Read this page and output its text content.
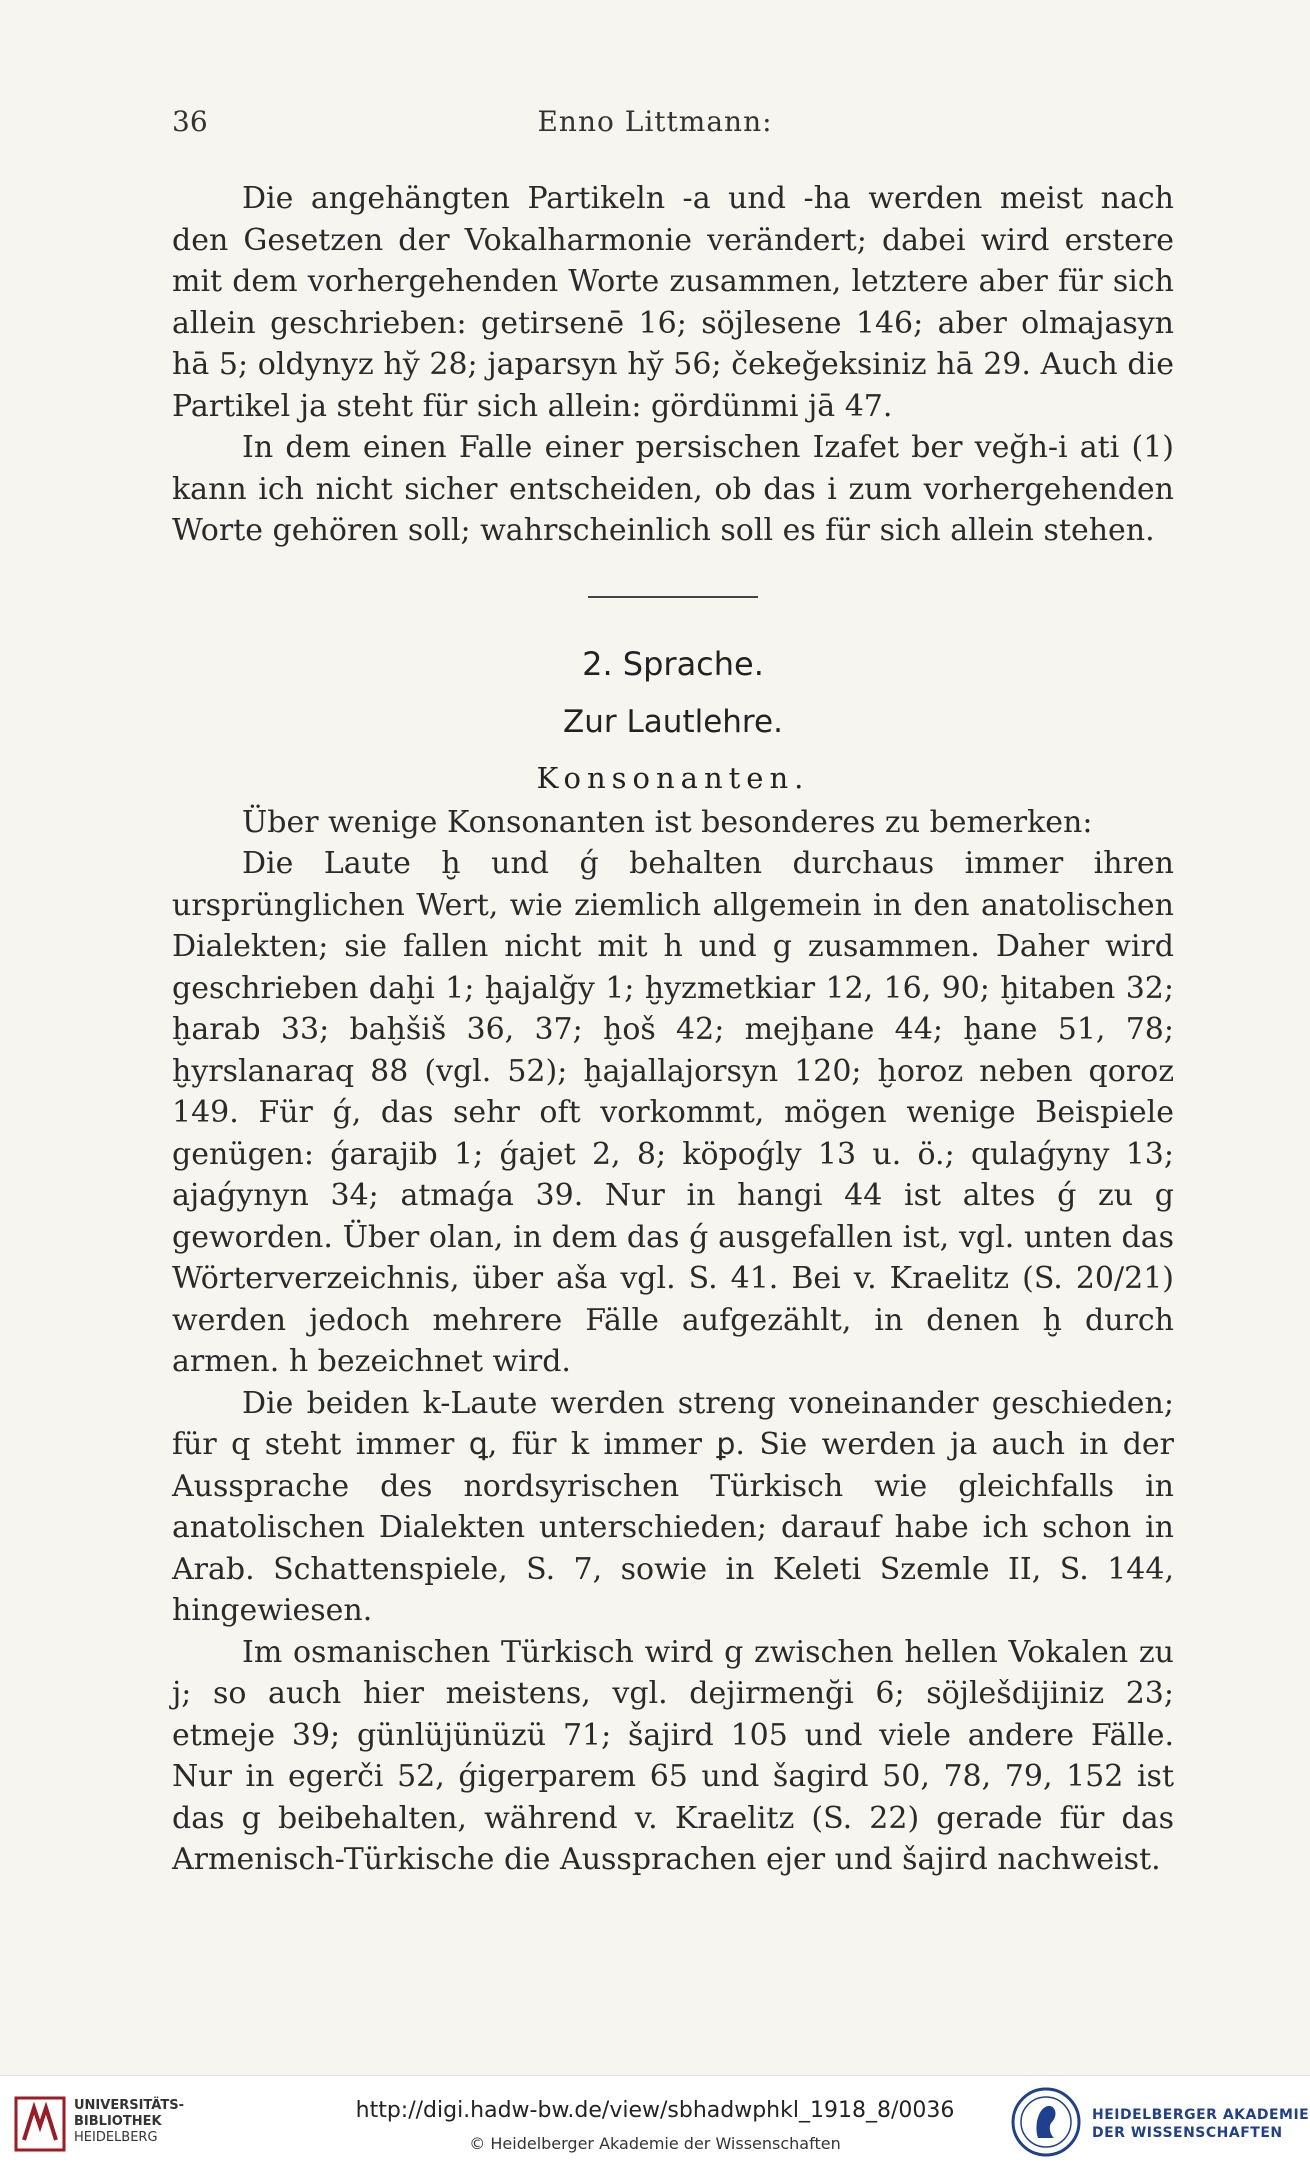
36	Enno Littmann:

Die angehängten Partikeln -a und -ha werden meist nach den Gesetzen der Vokalharmonie verändert; dabei wird erstere mit dem vorhergehenden Worte zusammen, letztere aber für sich allein geschrieben: getirsenē 16; söjlesene 146; aber olmajasyn hā 5; oldynyz hy̆ 28; japarsyn hy̆ 56; čekeğeksiniz hā 29. Auch die Partikel ja steht für sich allein: gördünmi jā 47.

In dem einen Falle einer persischen Izafet ber veğh-i ati (1) kann ich nicht sicher entscheiden, ob das i zum vorhergehenden Worte gehören soll; wahrscheinlich soll es für sich allein stehen.

2. Sprache.
Zur Lautlehre.
Konsonanten.

Über wenige Konsonanten ist besonderes zu bemerken:

Die Laute ḫ und ǵ behalten durchaus immer ihren ursprünglichen Wert, wie ziemlich allgemein in den anatolischen Dialekten; sie fallen nicht mit h und g zusammen. Daher wird geschrieben daḫi 1; ḫajalğy 1; ḫyzmetkiar 12, 16, 90; ḫitaben 32; ḫarab 33; baḫšiš 36, 37; ḫoš 42; mejḫane 44; ḫane 51, 78; ḫyrslanaraq 88 (vgl. 52); ḫajallajorsyn 120; ḫoroz neben qoroz 149. Für ǵ, das sehr oft vorkommt, mögen wenige Beispiele genügen: ǵarajib 1; ǵajet 2, 8; köpoǵly 13 u. ö.; qulaǵyny 13; ajaǵynyn 34; atmaǵa 39. Nur in hangi 44 ist altes ǵ zu g geworden. Über olan, in dem das ǵ ausgefallen ist, vgl. unten das Wörterverzeichnis, über aša vgl. S. 41. Bei v. Kraelitz (S. 20/21) werden jedoch mehrere Fälle aufgezählt, in denen ḫ durch armen. h bezeichnet wird.

Die beiden k-Laute werden streng voneinander geschieden; für q steht immer ꝗ, für k immer ꝑ. Sie werden ja auch in der Aussprache des nordsyrischen Türkisch wie gleichfalls in anatolischen Dialekten unterschieden; darauf habe ich schon in Arab. Schattenspiele, S. 7, sowie in Keleti Szemle II, S. 144, hingewiesen.

Im osmanischen Türkisch wird g zwischen hellen Vokalen zu j; so auch hier meistens, vgl. dejirmenği 6; söjlešdijiniz 23; etmeje 39; günlüjünüzü 71; šajird 105 und viele andere Fälle. Nur in egerči 52, ǵigerparem 65 und šagird 50, 78, 79, 152 ist das g beibehalten, während v. Kraelitz (S. 22) gerade für das Armenisch-Türkische die Aussprachen ejer und šajird nachweist.

UNIVERSITÄTS-
BIBLIOTHEK
HEIDELBERG
http://digi.hadw-bw.de/view/sbhadwphkl_1918_8/0036
© Heidelberger Akademie der Wissenschaften
HEIDELBERGER AKADEMIE
DER WISSENSCHAFTEN
